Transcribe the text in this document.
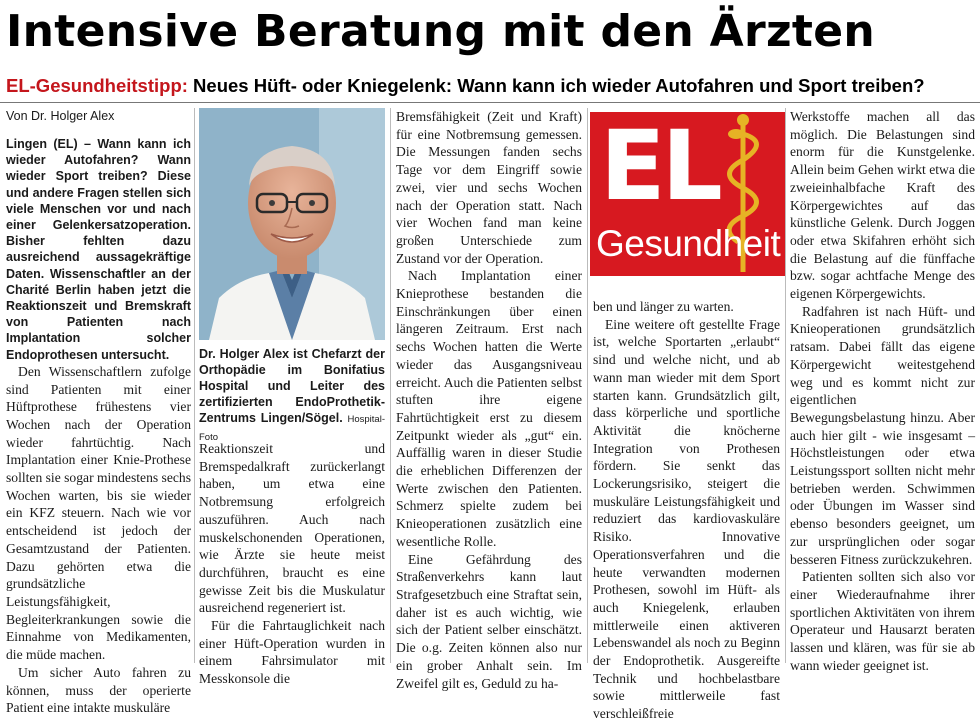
Intensive Beratung mit den Ärzten
EL-Gesundheitstipp: Neues Hüft- oder Kniegelenk: Wann kann ich wieder Autofahren und Sport treiben?
Von Dr. Holger Alex
Lingen (EL) – Wann kann ich wieder Autofahren? Wann wieder Sport treiben? Diese und andere Fragen stellen sich viele Menschen vor und nach einer Gelenkersatzoperation. Bisher fehlten dazu ausreichend aussagekräftige Daten. Wissenschaftler an der Charité Berlin haben jetzt die Reaktionszeit und Bremskraft von Patienten nach Implantation solcher Endoprothesen untersucht.

Den Wissenschaftlern zufolge sind Patienten mit einer Hüftprothese frühestens vier Wochen nach der Operation wieder fahrtüchtig. Nach Implantation einer Knie-Prothese sollten sie sogar mindestens sechs Wochen warten, bis sie wieder ein KFZ steuern. Nach wie vor entscheidend ist jedoch der Gesamtzustand der Patienten. Dazu gehörten etwa die grundsätzliche Leistungsfähigkeit, Begleiterkrankungen sowie die Einnahme von Medikamenten, die müde machen.

Um sicher Auto fahren zu können, muss der operierte Patient eine intakte muskuläre

Dr. Holger Alex ist Chefarzt der Orthopädie im Bonifatius Hospital und Leiter des zertifizierten EndoProthetik-Zentrums Lingen/Sögel. Hospital-Foto

Reaktionszeit und Bremspedalkraft zurückerlangt haben, um etwa eine Notbremsung erfolgreich auszuführen. Auch nach muskelschonenden Operationen, wie Ärzte sie heute meist durchführen, braucht es eine gewisse Zeit bis die Muskulatur ausreichend regeneriert ist.

Für die Fahrtauglichkeit nach einer Hüft-Operation wurden in einem Fahrsimulator mit Messkonsole die

Bremsfähigkeit (Zeit und Kraft) für eine Notbremsung gemessen. Die Messungen fanden sechs Tage vor dem Eingriff sowie zwei, vier und sechs Wochen nach der Operation statt. Nach vier Wochen fand man keine großen Unterschiede zum Zustand vor der Operation.

Nach Implantation einer Knieprothese bestanden die Einschränkungen über einen längeren Zeitraum. Erst nach sechs Wochen hatten die Werte wieder das Ausgangsniveau erreicht. Auch die Patienten selbst stuften ihre eigene Fahrtüchtigkeit erst zu diesem Zeitpunkt wieder als „gut“ ein. Auffällig waren in dieser Studie die erheblichen Differenzen der Werte zwischen den Patienten. Schmerz spielte zudem bei Knieoperationen zusätzlich eine wesentliche Rolle.

Eine Gefährdung des Straßenverkehrs kann laut Strafgesetzbuch eine Straftat sein, daher ist es auch wichtig, wie sich der Patient selber einschätzt. Die o.g. Zeiten können also nur ein grober Anhalt sein. Im Zweifel gilt es, Geduld zu ha-

EL
Gesundheit

ben und länger zu warten.

Eine weitere oft gestellte Frage ist, welche Sportarten „erlaubt“ sind und welche nicht, und ab wann man wieder mit dem Sport starten kann. Grundsätzlich gilt, dass körperliche und sportliche Aktivität die knöcherne Integration von Prothesen fördern. Sie senkt das Lockerungsrisiko, steigert die muskuläre Leistungsfähigkeit und reduziert das kardiovaskuläre Risiko. Innovative Operationsverfahren und die heute verwandten modernen Prothesen, sowohl im Hüft- als auch Kniegelenk, erlauben mittlerweile einen aktiveren Lebenswandel als noch zu Beginn der Endoprothetik. Ausgereifte Technik und hochbelastbare sowie mittlerweile fast verschleißfreie

Werkstoffe machen all das möglich. Die Belastungen sind enorm für die Kunstgelenke. Allein beim Gehen wirkt etwa die zweieinhalbfache Kraft des Körpergewichtes auf das künstliche Gelenk. Durch Joggen oder etwa Skifahren erhöht sich die Belastung auf die fünffache bzw. sogar achtfache Menge des eigenen Körpergewichts.

Radfahren ist nach Hüft- und Knieoperationen grundsätzlich ratsam. Dabei fällt das eigene Körpergewicht weitestgehend weg und es kommt nicht zur eigentlichen Bewegungsbelastung hinzu. Aber auch hier gilt - wie insgesamt – Höchstleistungen oder etwa Leistungssport sollten nicht mehr betrieben werden. Schwimmen oder Übungen im Wasser sind ebenso besonders geeignet, um zur ursprünglichen oder sogar besseren Fitness zurückzukehren.

Patienten sollten sich also vor einer Wiederaufnahme ihrer sportlichen Aktivitäten von ihrem Operateur und Hausarzt beraten lassen und klären, was für sie ab wann wieder geeignet ist.
